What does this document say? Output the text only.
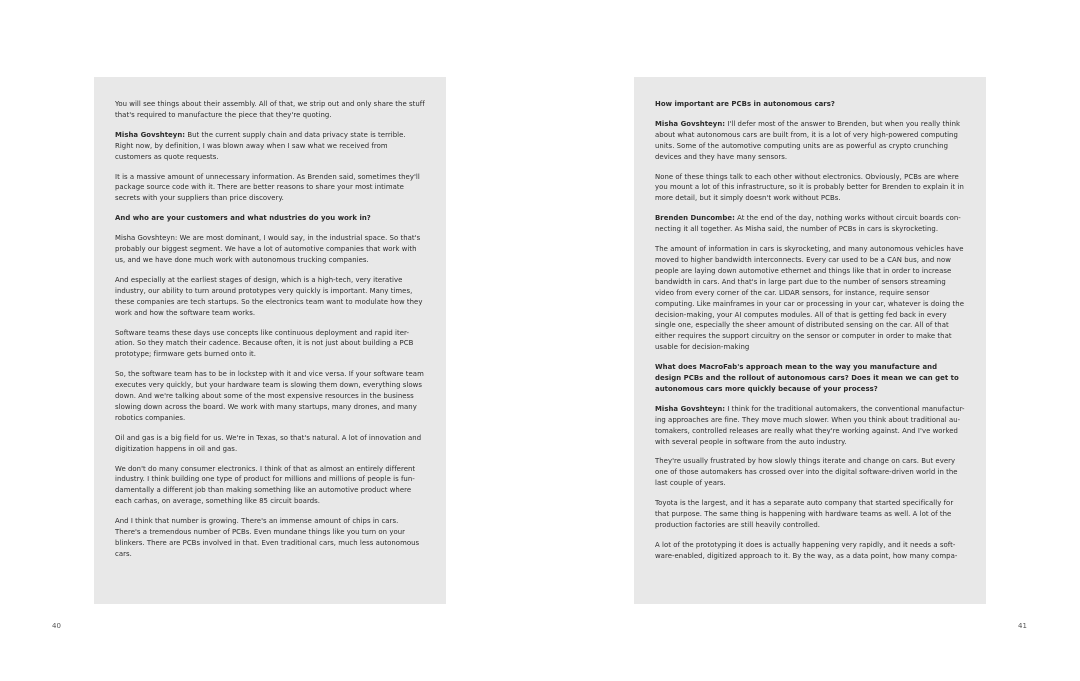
You will see things about their assembly. All of that, we strip out and only share the stuff that's required to manufacture the piece that they're quoting.

Misha Govshteyn: But the current supply chain and data privacy state is terrible. Right now, by definition, I was blown away when I saw what we received from customers as quote requests.

It is a massive amount of unnecessary information. As Brenden said, sometimes they'll package source code with it. There are better reasons to share your most intimate secrets with your suppliers than price discovery.

And who are your customers and what ndustries do you work in?

Misha Govshteyn: We are most dominant, I would say, in the industrial space. So that's probably our biggest segment. We have a lot of automotive companies that work with us, and we have done much work with autonomous trucking companies.

And especially at the earliest stages of design, which is a high-tech, very iterative industry, our ability to turn around prototypes very quickly is important. Many times, these companies are tech startups. So the electronics team want to modulate how they work and how the software team works.

Software teams these days use concepts like continuous deployment and rapid iter-ation. So they match their cadence. Because often, it is not just about building a PCB prototype; firmware gets burned onto it.

So, the software team has to be in lockstep with it and vice versa. If your software team executes very quickly, but your hardware team is slowing them down, everything slows down. And we're talking about some of the most expensive resources in the business slowing down across the board. We work with many startups, many drones, and many robotics companies.

Oil and gas is a big field for us. We're in Texas, so that's natural. A lot of innovation and digitization happens in oil and gas.

We don't do many consumer electronics. I think of that as almost an entirely different industry. I think building one type of product for millions and millions of people is fun-damentally a different job than making something like an automotive product where each carhas, on average, something like 85 circuit boards.

And I think that number is growing. There's an immense amount of chips in cars. There's a tremendous number of PCBs. Even mundane things like you turn on your blinkers. There are PCBs involved in that. Even traditional cars, much less autonomous cars.

How important are PCBs in autonomous cars?

Misha Govshteyn: I'll defer most of the answer to Brenden, but when you really think about what autonomous cars are built from, it is a lot of very high-powered computing units. Some of the automotive computing units are as powerful as crypto crunching devices and they have many sensors.

None of these things talk to each other without electronics. Obviously, PCBs are where you mount a lot of this infrastructure, so it is probably better for Brenden to explain it in more detail, but it simply doesn't work without PCBs.

Brenden Duncombe: At the end of the day, nothing works without circuit boards con-necting it all together. As Misha said, the number of PCBs in cars is skyrocketing.

The amount of information in cars is skyrocketing, and many autonomous vehicles have moved to higher bandwidth interconnects. Every car used to be a CAN bus, and now people are laying down automotive ethernet and things like that in order to increase bandwidth in cars. And that's in large part due to the number of sensors streaming video from every corner of the car. LIDAR sensors, for instance, require sensor computing. Like mainframes in your car or processing in your car, whatever is doing the decision-making, your AI computes modules. All of that is getting fed back in every single one, especially the sheer amount of distributed sensing on the car. All of that either requires the support circuitry on the sensor or computer in order to make that usable for decision-making

What does MacroFab's approach mean to the way you manufacture and design PCBs and the rollout of autonomous cars? Does it mean we can get to autonomous cars more quickly because of your process?

Misha Govshteyn: I think for the traditional automakers, the conventional manufactur-ing approaches are fine. They move much slower. When you think about traditional au-tomakers, controlled releases are really what they're working against. And I've worked with several people in software from the auto industry.

They're usually frustrated by how slowly things iterate and change on cars. But every one of those automakers has crossed over into the digital software-driven world in the last couple of years.

Toyota is the largest, and it has a separate auto company that started specifically for that purpose. The same thing is happening with hardware teams as well. A lot of the production factories are still heavily controlled.

A lot of the prototyping it does is actually happening very rapidly, and it needs a soft-ware-enabled, digitized approach to it. By the way, as a data point, how many compa-

40	41
